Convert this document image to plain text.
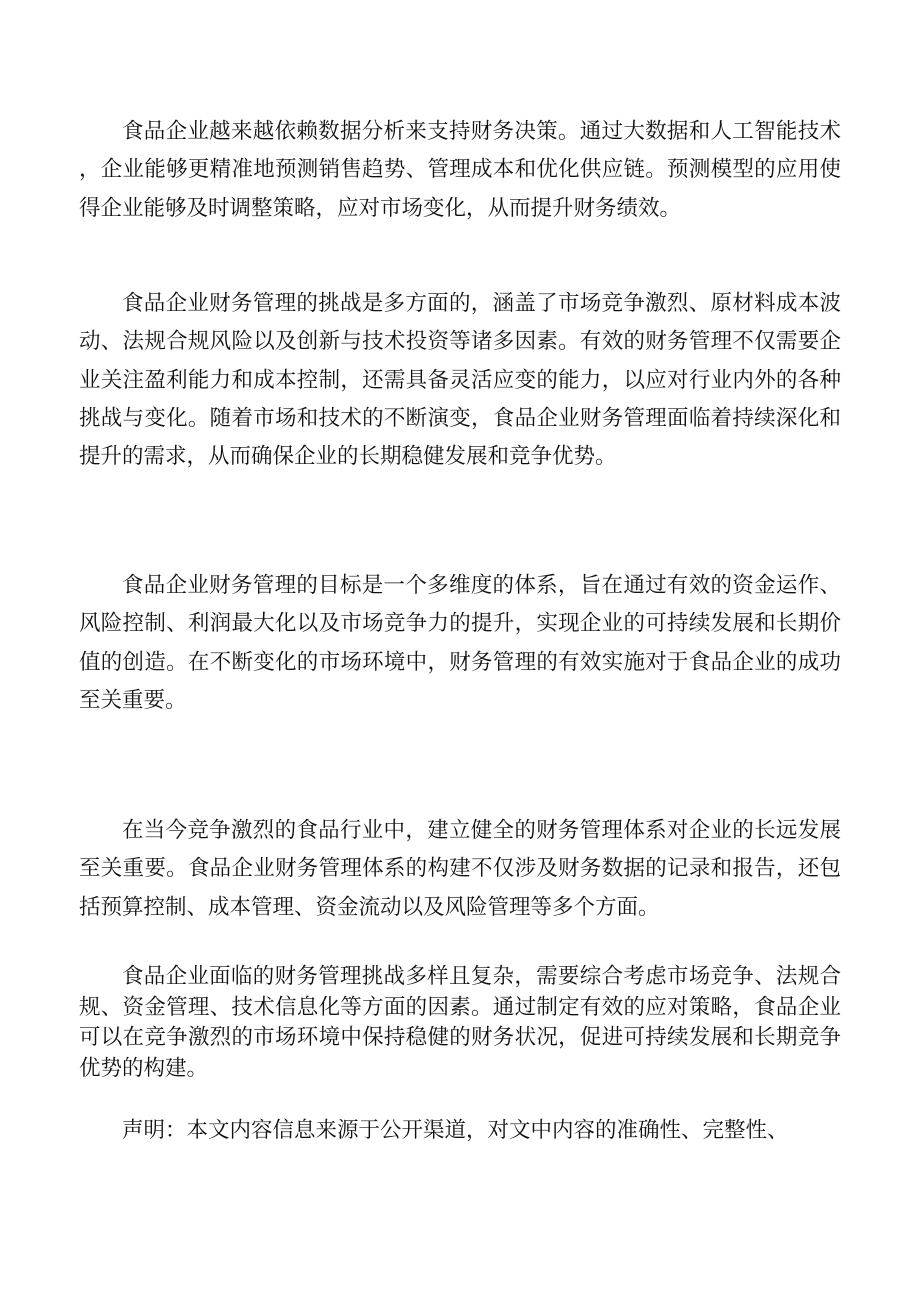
食品企业越来越依赖数据分析来支持财务决策。通过大数据和人工智能技术，企业能够更精准地预测销售趋势、管理成本和优化供应链。预测模型的应用使得企业能够及时调整策略，应对市场变化，从而提升财务绩效。

食品企业财务管理的挑战是多方面的，涵盖了市场竞争激烈、原材料成本波动、法规合规风险以及创新与技术投资等诸多因素。有效的财务管理不仅需要企业关注盈利能力和成本控制，还需具备灵活应变的能力，以应对行业内外的各种挑战与变化。随着市场和技术的不断演变，食品企业财务管理面临着持续深化和提升的需求，从而确保企业的长期稳健发展和竞争优势。

食品企业财务管理的目标是一个多维度的体系，旨在通过有效的资金运作、风险控制、利润最大化以及市场竞争力的提升，实现企业的可持续发展和长期价值的创造。在不断变化的市场环境中，财务管理的有效实施对于食品企业的成功至关重要。

在当今竞争激烈的食品行业中，建立健全的财务管理体系对企业的长远发展至关重要。食品企业财务管理体系的构建不仅涉及财务数据的记录和报告，还包括预算控制、成本管理、资金流动以及风险管理等多个方面。

食品企业面临的财务管理挑战多样且复杂，需要综合考虑市场竞争、法规合规、资金管理、技术信息化等方面的因素。通过制定有效的应对策略，食品企业可以在竞争激烈的市场环境中保持稳健的财务状况，促进可持续发展和长期竞争优势的构建。

声明：本文内容信息来源于公开渠道，对文中内容的准确性、完整性、
